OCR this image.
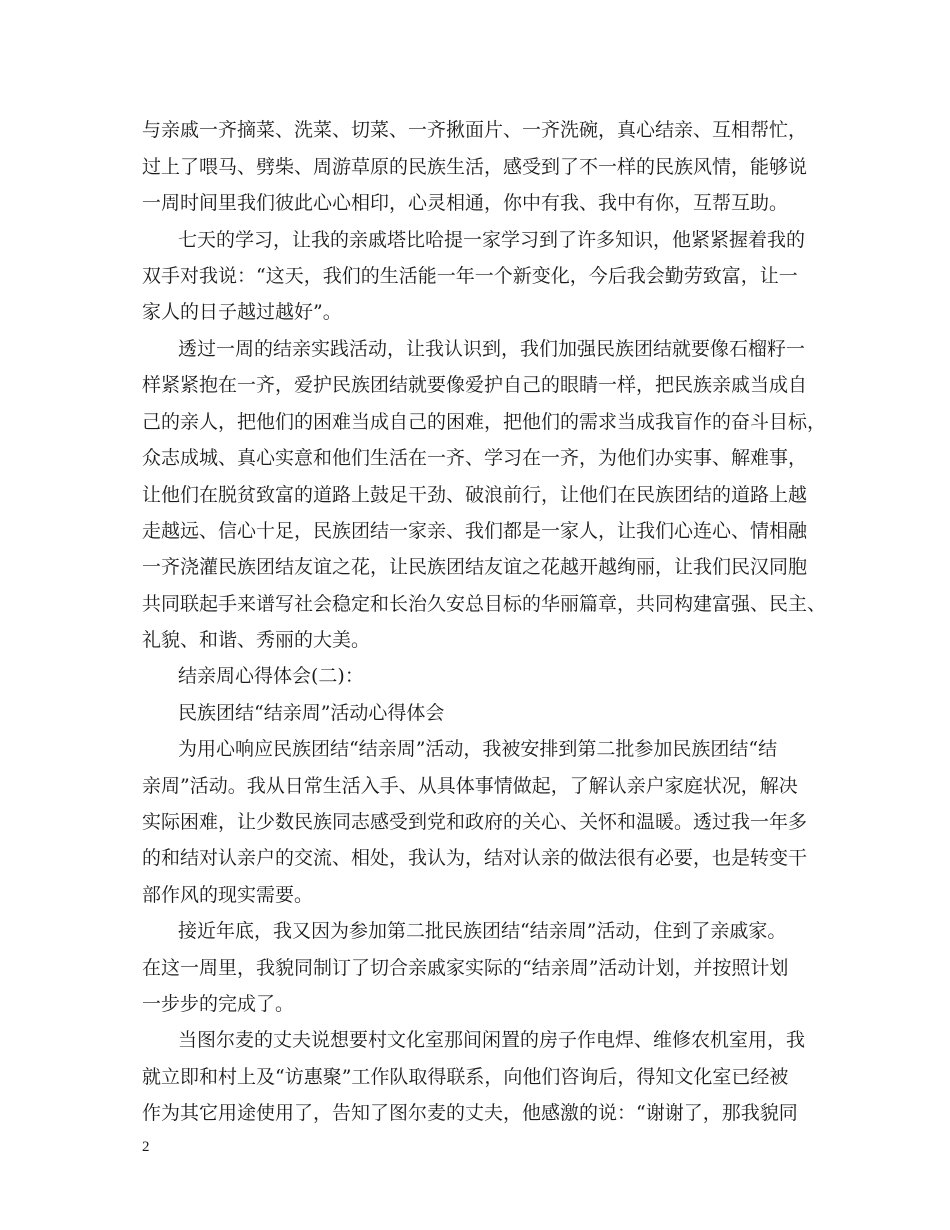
与亲戚一齐摘菜、洗菜、切菜、一齐揪面片、一齐洗碗，真心结亲、互相帮忙，
过上了喂马、劈柴、周游草原的民族生活，感受到了不一样的民族风情，能够说
一周时间里我们彼此心心相印，心灵相通，你中有我、我中有你，互帮互助。
七天的学习，让我的亲戚塔比哈提一家学习到了许多知识，他紧紧握着我的
双手对我说：“这天，我们的生活能一年一个新变化，今后我会勤劳致富，让一
家人的日子越过越好”。
透过一周的结亲实践活动，让我认识到，我们加强民族团结就要像石榴籽一
样紧紧抱在一齐，爱护民族团结就要像爱护自己的眼睛一样，把民族亲戚当成自
己的亲人，把他们的困难当成自己的困难，把他们的需求当成我盲作的奋斗目标，
众志成城、真心实意和他们生活在一齐、学习在一齐，为他们办实事、解难事，
让他们在脱贫致富的道路上鼓足干劲、破浪前行，让他们在民族团结的道路上越
走越远、信心十足，民族团结一家亲、我们都是一家人，让我们心连心、情相融
一齐浇灌民族团结友谊之花，让民族团结友谊之花越开越绚丽，让我们民汉同胞
共同联起手来谱写社会稳定和长治久安总目标的华丽篇章，共同构建富强、民主、
礼貌、和谐、秀丽的大美。
结亲周心得体会(二)：
民族团结“结亲周”活动心得体会
为用心响应民族团结“结亲周”活动，我被安排到第二批参加民族团结“结
亲周”活动。我从日常生活入手、从具体事情做起，了解认亲户家庭状况，解决
实际困难，让少数民族同志感受到党和政府的关心、关怀和温暖。透过我一年多
的和结对认亲户的交流、相处，我认为，结对认亲的做法很有必要，也是转变干
部作风的现实需要。
接近年底，我又因为参加第二批民族团结“结亲周”活动，住到了亲戚家。
在这一周里，我貌同制订了切合亲戚家实际的“结亲周”活动计划，并按照计划
一步步的完成了。
当图尔麦的丈夫说想要村文化室那间闲置的房子作电焊、维修农机室用，我
就立即和村上及“访惠聚”工作队取得联系，向他们咨询后，得知文化室已经被
作为其它用途使用了，告知了图尔麦的丈夫，他感激的说：“谢谢了，那我貌同
2
